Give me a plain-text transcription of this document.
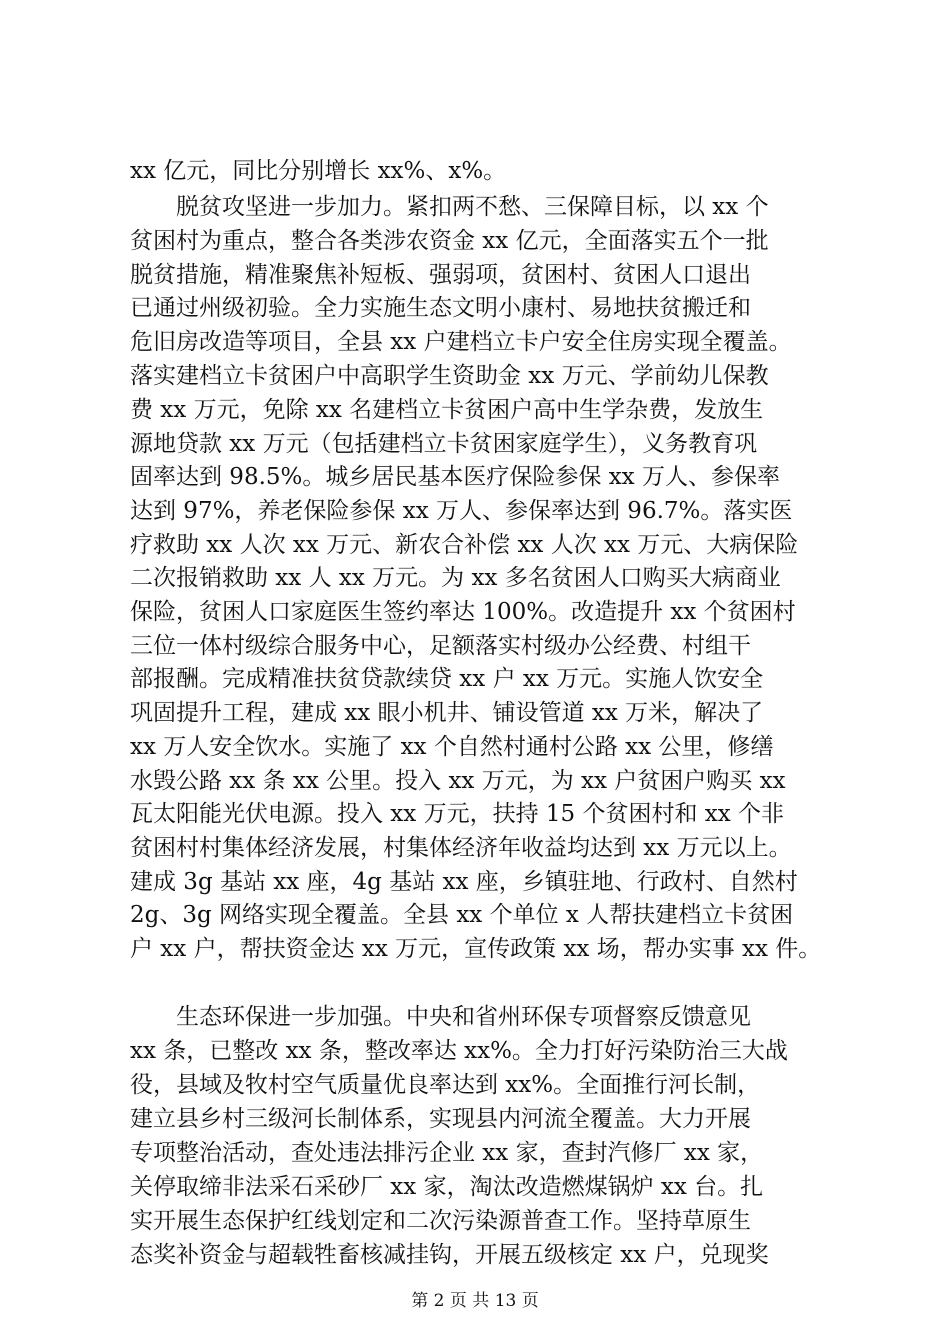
xx 亿元，同比分别增长 xx%、x%。
　　脱贫攻坚进一步加力。紧扣两不愁、三保障目标，以 xx 个
贫困村为重点，整合各类涉农资金 xx 亿元，全面落实五个一批
脱贫措施，精准聚焦补短板、强弱项，贫困村、贫困人口退出
已通过州级初验。全力实施生态文明小康村、易地扶贫搬迁和
危旧房改造等项目，全县 xx 户建档立卡户安全住房实现全覆盖。
落实建档立卡贫困户中高职学生资助金 xx 万元、学前幼儿保教
费 xx 万元，免除 xx 名建档立卡贫困户高中生学杂费，发放生
源地贷款 xx 万元（包括建档立卡贫困家庭学生），义务教育巩
固率达到 98.5%。城乡居民基本医疗保险参保 xx 万人、参保率
达到 97%，养老保险参保 xx 万人、参保率达到 96.7%。落实医
疗救助 xx 人次 xx 万元、新农合补偿 xx 人次 xx 万元、大病保险
二次报销救助 xx 人 xx 万元。为 xx 多名贫困人口购买大病商业
保险，贫困人口家庭医生签约率达 100%。改造提升 xx 个贫困村
三位一体村级综合服务中心，足额落实村级办公经费、村组干
部报酬。完成精准扶贫贷款续贷 xx 户 xx 万元。实施人饮安全
巩固提升工程，建成 xx 眼小机井、铺设管道 xx 万米，解决了
xx 万人安全饮水。实施了 xx 个自然村通村公路 xx 公里，修缮
水毁公路 xx 条 xx 公里。投入 xx 万元，为 xx 户贫困户购买 xx
瓦太阳能光伏电源。投入 xx 万元，扶持 15 个贫困村和 xx 个非
贫困村村集体经济发展，村集体经济年收益均达到 xx 万元以上。
建成 3g 基站 xx 座，4g 基站 xx 座，乡镇驻地、行政村、自然村
2g、3g 网络实现全覆盖。全县 xx 个单位 x 人帮扶建档立卡贫困
户 xx 户，帮扶资金达 xx 万元，宣传政策 xx 场，帮办实事 xx 件。
　　生态环保进一步加强。中央和省州环保专项督察反馈意见
xx 条，已整改 xx 条，整改率达 xx%。全力打好污染防治三大战
役，县域及牧村空气质量优良率达到 xx%。全面推行河长制，
建立县乡村三级河长制体系，实现县内河流全覆盖。大力开展
专项整治活动，查处违法排污企业 xx 家，查封汽修厂 xx 家，
关停取缔非法采石采砂厂 xx 家，淘汰改造燃煤锅炉 xx 台。扎
实开展生态保护红线划定和二次污染源普查工作。坚持草原生
态奖补资金与超载牲畜核减挂钩，开展五级核定 xx 户，兑现奖
第 2 页 共 13 页
